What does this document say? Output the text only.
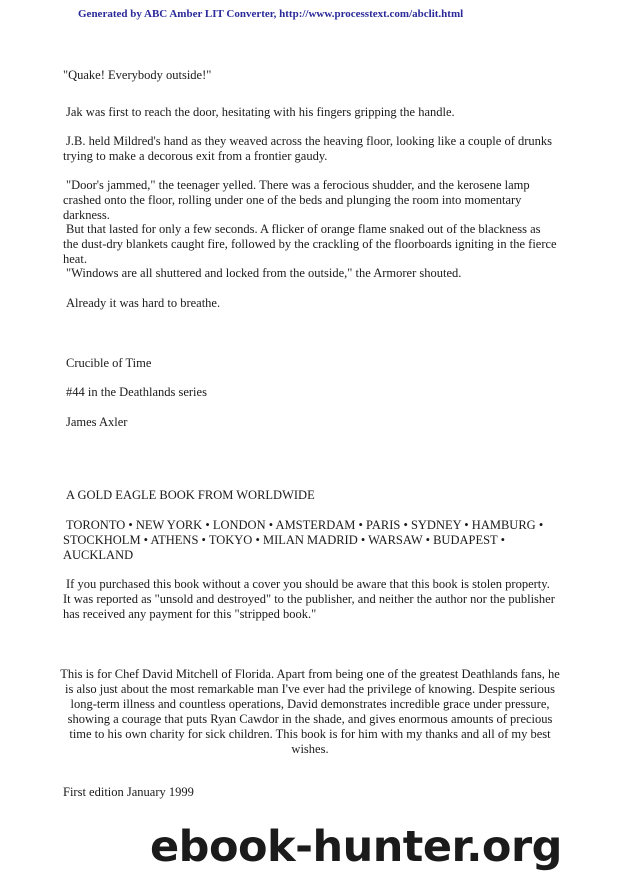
Generated by ABC Amber LIT Converter, http://www.processtext.com/abclit.html

"Quake! Everybody outside!"

Jak was first to reach the door, hesitating with his fingers gripping the handle.

J.B. held Mildred's hand as they weaved across the heaving floor, looking like a couple of drunks trying to make a decorous exit from a frontier gaudy.

"Door's jammed," the teenager yelled. There was a ferocious shudder, and the kerosene lamp crashed onto the floor, rolling under one of the beds and plunging the room into momentary darkness.

But that lasted for only a few seconds. A flicker of orange flame snaked out of the blackness as the dust-dry blankets caught fire, followed by the crackling of the floorboards igniting in the fierce heat.

"Windows are all shuttered and locked from the outside," the Armorer shouted.

Already it was hard to breathe.

Crucible of Time

#44 in the Deathlands series

James Axler

A GOLD EAGLE BOOK FROM WORLDWIDE

TORONTO • NEW YORK • LONDON • AMSTERDAM • PARIS • SYDNEY • HAMBURG • STOCKHOLM • ATHENS • TOKYO • MILAN MADRID • WARSAW • BUDAPEST • AUCKLAND

If you purchased this book without a cover you should be aware that this book is stolen property. It was reported as "unsold and destroyed" to the publisher, and neither the author nor the publisher has received any payment for this "stripped book."

This is for Chef David Mitchell of Florida. Apart from being one of the greatest Deathlands fans, he is also just about the most remarkable man I've ever had the privilege of knowing. Despite serious long-term illness and countless operations, David demonstrates incredible grace under pressure, showing a courage that puts Ryan Cawdor in the shade, and gives enormous amounts of precious time to his own charity for sick children. This book is for him with my thanks and all of my best wishes.

First edition January 1999

ebook-hunter.org
